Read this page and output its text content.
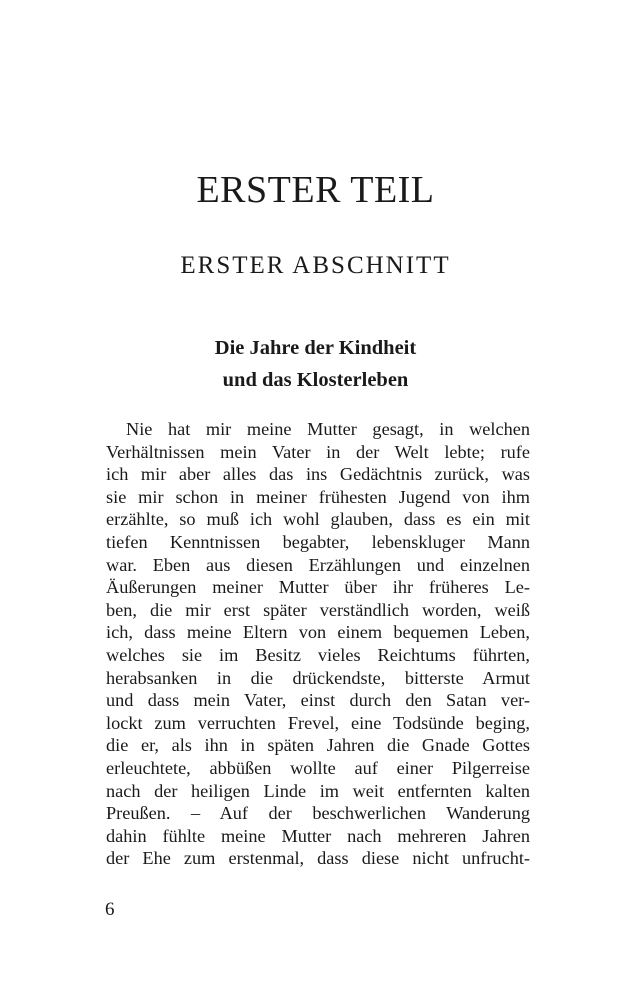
ERSTER TEIL
ERSTER ABSCHNITT
Die Jahre der Kindheit
und das Klosterleben
Nie hat mir meine Mutter gesagt, in welchen
Verhältnissen mein Vater in der Welt lebte; rufe
ich mir aber alles das ins Gedächtnis zurück, was
sie mir schon in meiner frühesten Jugend von ihm
erzählte, so muß ich wohl glauben, dass es ein mit
tiefen Kenntnissen begabter, lebenskluger Mann
war. Eben aus diesen Erzählungen und einzelnen
Äußerungen meiner Mutter über ihr früheres Le-
ben, die mir erst später verständlich worden, weiß
ich, dass meine Eltern von einem bequemen Leben,
welches sie im Besitz vieles Reichtums führten,
herabsanken in die drückendste, bitterste Armut
und dass mein Vater, einst durch den Satan ver-
lockt zum verruchten Frevel, eine Todsünde beging,
die er, als ihn in späten Jahren die Gnade Gottes
erleuchtete, abbüßen wollte auf einer Pilgerreise
nach der heiligen Linde im weit entfernten kalten
Preußen. – Auf der beschwerlichen Wanderung
dahin fühlte meine Mutter nach mehreren Jahren
der Ehe zum erstenmal, dass diese nicht unfrucht-
6
